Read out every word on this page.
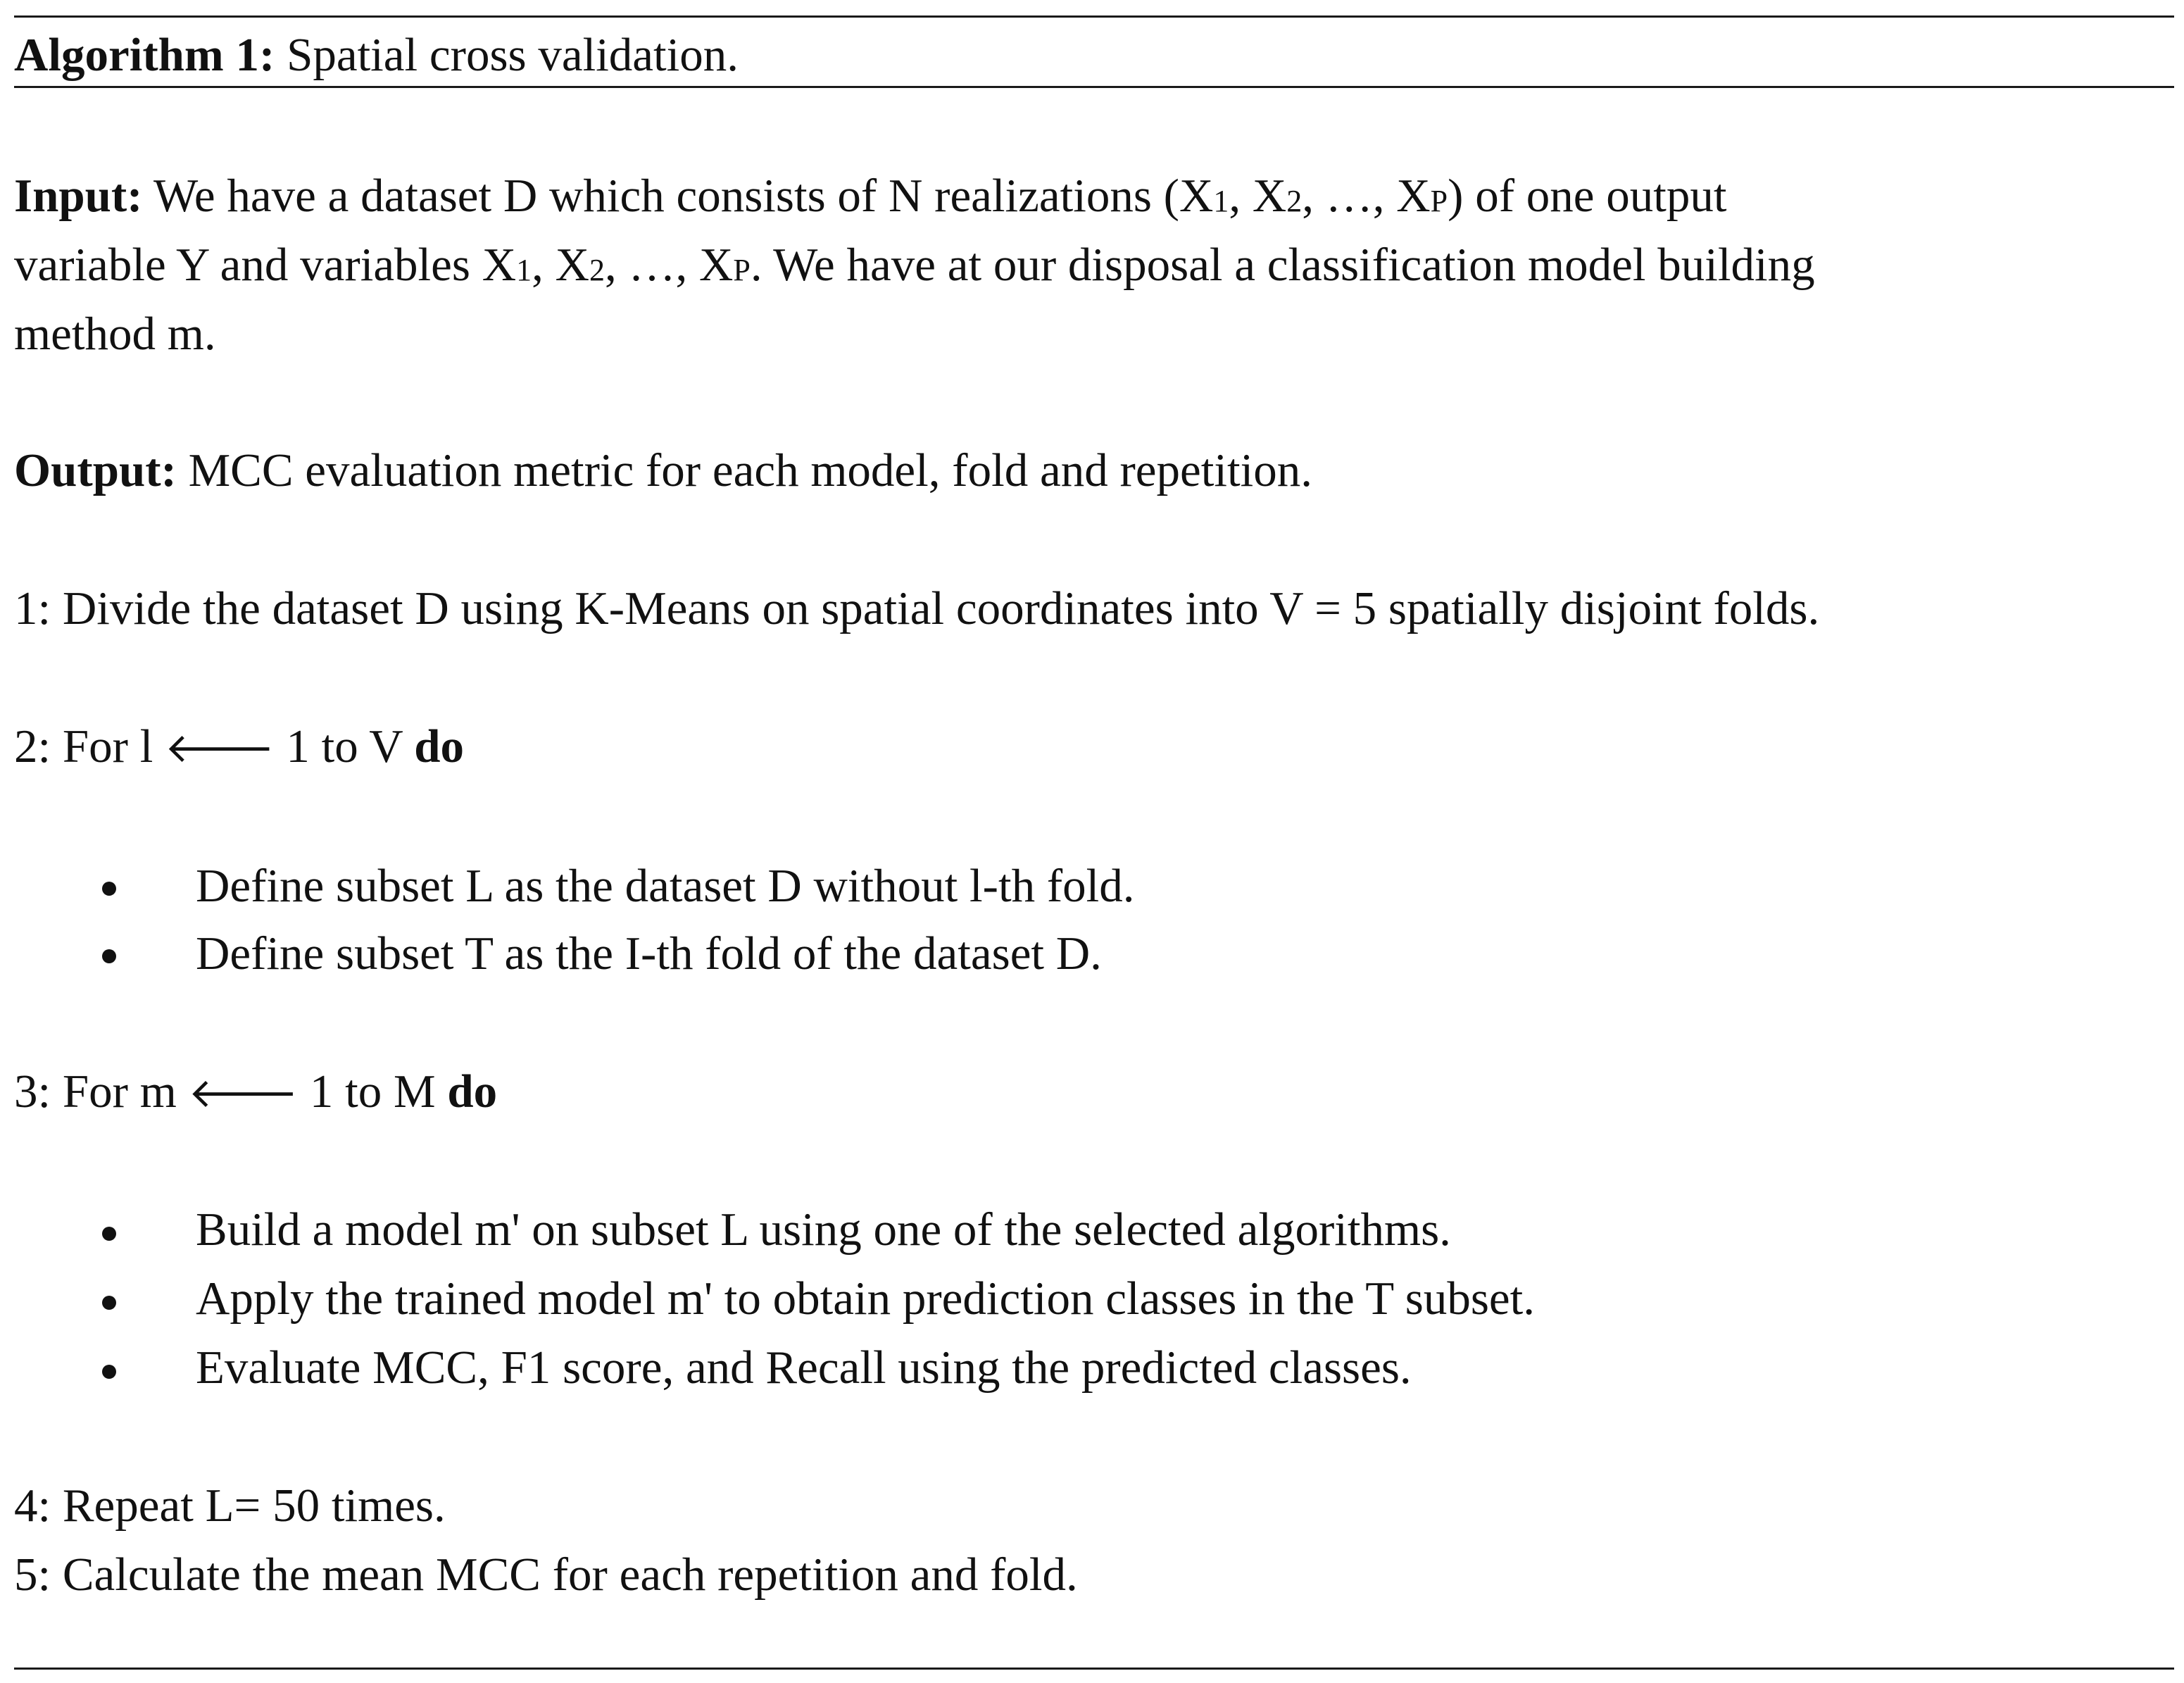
Algorithm 1: Spatial cross validation.
Input: We have a dataset D which consists of N realizations (X1, X2, …, XP) of one output
variable Y and variables X1, X2, …, XP. We have at our disposal a classification model building
method m.
Output: MCC evaluation metric for each model, fold and repetition.
1: Divide the dataset D using K-Means on spatial coordinates into V = 5 spatially disjoint folds.
2: For l 🡐 1 to V do
Define subset L as the dataset D without l-th fold.
Define subset T as the I-th fold of the dataset D.
3: For m 🡐 1 to M do
Build a model m' on subset L using one of the selected algorithms.
Apply the trained model m' to obtain prediction classes in the T subset.
Evaluate MCC, F1 score, and Recall using the predicted classes.
4: Repeat L= 50 times.
5: Calculate the mean MCC for each repetition and fold.
